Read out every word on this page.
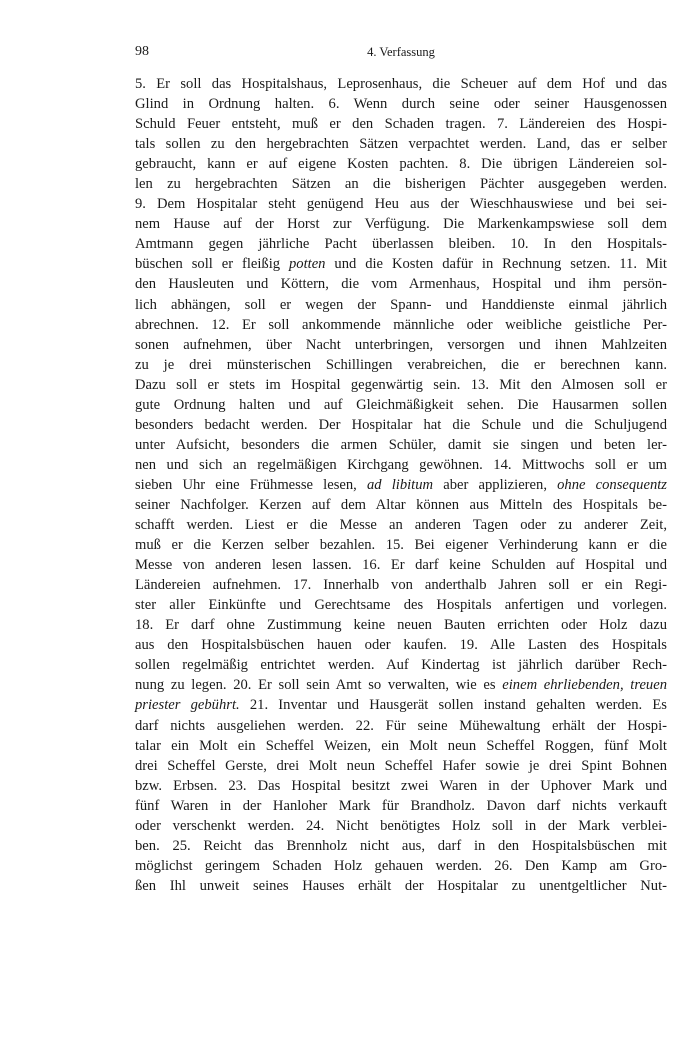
98	4. Verfassung
5. Er soll das Hospitalshaus, Leprosenhaus, die Scheuer auf dem Hof und das
Glind in Ordnung halten. 6. Wenn durch seine oder seiner Hausgenossen
Schuld Feuer entsteht, muß er den Schaden tragen. 7. Ländereien des Hospi-
tals sollen zu den hergebrachten Sätzen verpachtet werden. Land, das er selber
gebraucht, kann er auf eigene Kosten pachten. 8. Die übrigen Ländereien sol-
len zu hergebrachten Sätzen an die bisherigen Pächter ausgegeben werden.
9. Dem Hospitalar steht genügend Heu aus der Wieschhauswiese und bei sei-
nem Hause auf der Horst zur Verfügung. Die Markenkampswiese soll dem
Amtmann gegen jährliche Pacht überlassen bleiben. 10. In den Hospitals-
büschen soll er fleißig potten und die Kosten dafür in Rechnung setzen. 11. Mit
den Hausleuten und Köttern, die vom Armenhaus, Hospital und ihm persön-
lich abhängen, soll er wegen der Spann- und Handdienste einmal jährlich
abrechnen. 12. Er soll ankommende männliche oder weibliche geistliche Per-
sonen aufnehmen, über Nacht unterbringen, versorgen und ihnen Mahlzeiten
zu je drei münsterischen Schillingen verabreichen, die er berechnen kann.
Dazu soll er stets im Hospital gegenwärtig sein. 13. Mit den Almosen soll er
gute Ordnung halten und auf Gleichmäßigkeit sehen. Die Hausarmen sollen
besonders bedacht werden. Der Hospitalar hat die Schule und die Schuljugend
unter Aufsicht, besonders die armen Schüler, damit sie singen und beten ler-
nen und sich an regelmäßigen Kirchgang gewöhnen. 14. Mittwochs soll er um
sieben Uhr eine Frühmesse lesen, ad libitum aber applizieren, ohne consequentz
seiner Nachfolger. Kerzen auf dem Altar können aus Mitteln des Hospitals be-
schafft werden. Liest er die Messe an anderen Tagen oder zu anderer Zeit,
muß er die Kerzen selber bezahlen. 15. Bei eigener Verhinderung kann er die
Messe von anderen lesen lassen. 16. Er darf keine Schulden auf Hospital und
Ländereien aufnehmen. 17. Innerhalb von anderthalb Jahren soll er ein Regi-
ster aller Einkünfte und Gerechtsame des Hospitals anfertigen und vorlegen.
18. Er darf ohne Zustimmung keine neuen Bauten errichten oder Holz dazu
aus den Hospitalsbüschen hauen oder kaufen. 19. Alle Lasten des Hospitals
sollen regelmäßig entrichtet werden. Auf Kindertag ist jährlich darüber Rech-
nung zu legen. 20. Er soll sein Amt so verwalten, wie es einem ehrliebenden, treuen
priester gebührt. 21. Inventar und Hausgerät sollen instand gehalten werden. Es
darf nichts ausgeliehen werden. 22. Für seine Mühewaltung erhält der Hospi-
talar ein Molt ein Scheffel Weizen, ein Molt neun Scheffel Roggen, fünf Molt
drei Scheffel Gerste, drei Molt neun Scheffel Hafer sowie je drei Spint Bohnen
bzw. Erbsen. 23. Das Hospital besitzt zwei Waren in der Uphover Mark und
fünf Waren in der Hanloher Mark für Brandholz. Davon darf nichts verkauft
oder verschenkt werden. 24. Nicht benötigtes Holz soll in der Mark verblei-
ben. 25. Reicht das Brennholz nicht aus, darf in den Hospitalsbüschen mit
möglichst geringem Schaden Holz gehauen werden. 26. Den Kamp am Gro-
ßen Ihl unweit seines Hauses erhält der Hospitalar zu unentgeltlicher Nut-
